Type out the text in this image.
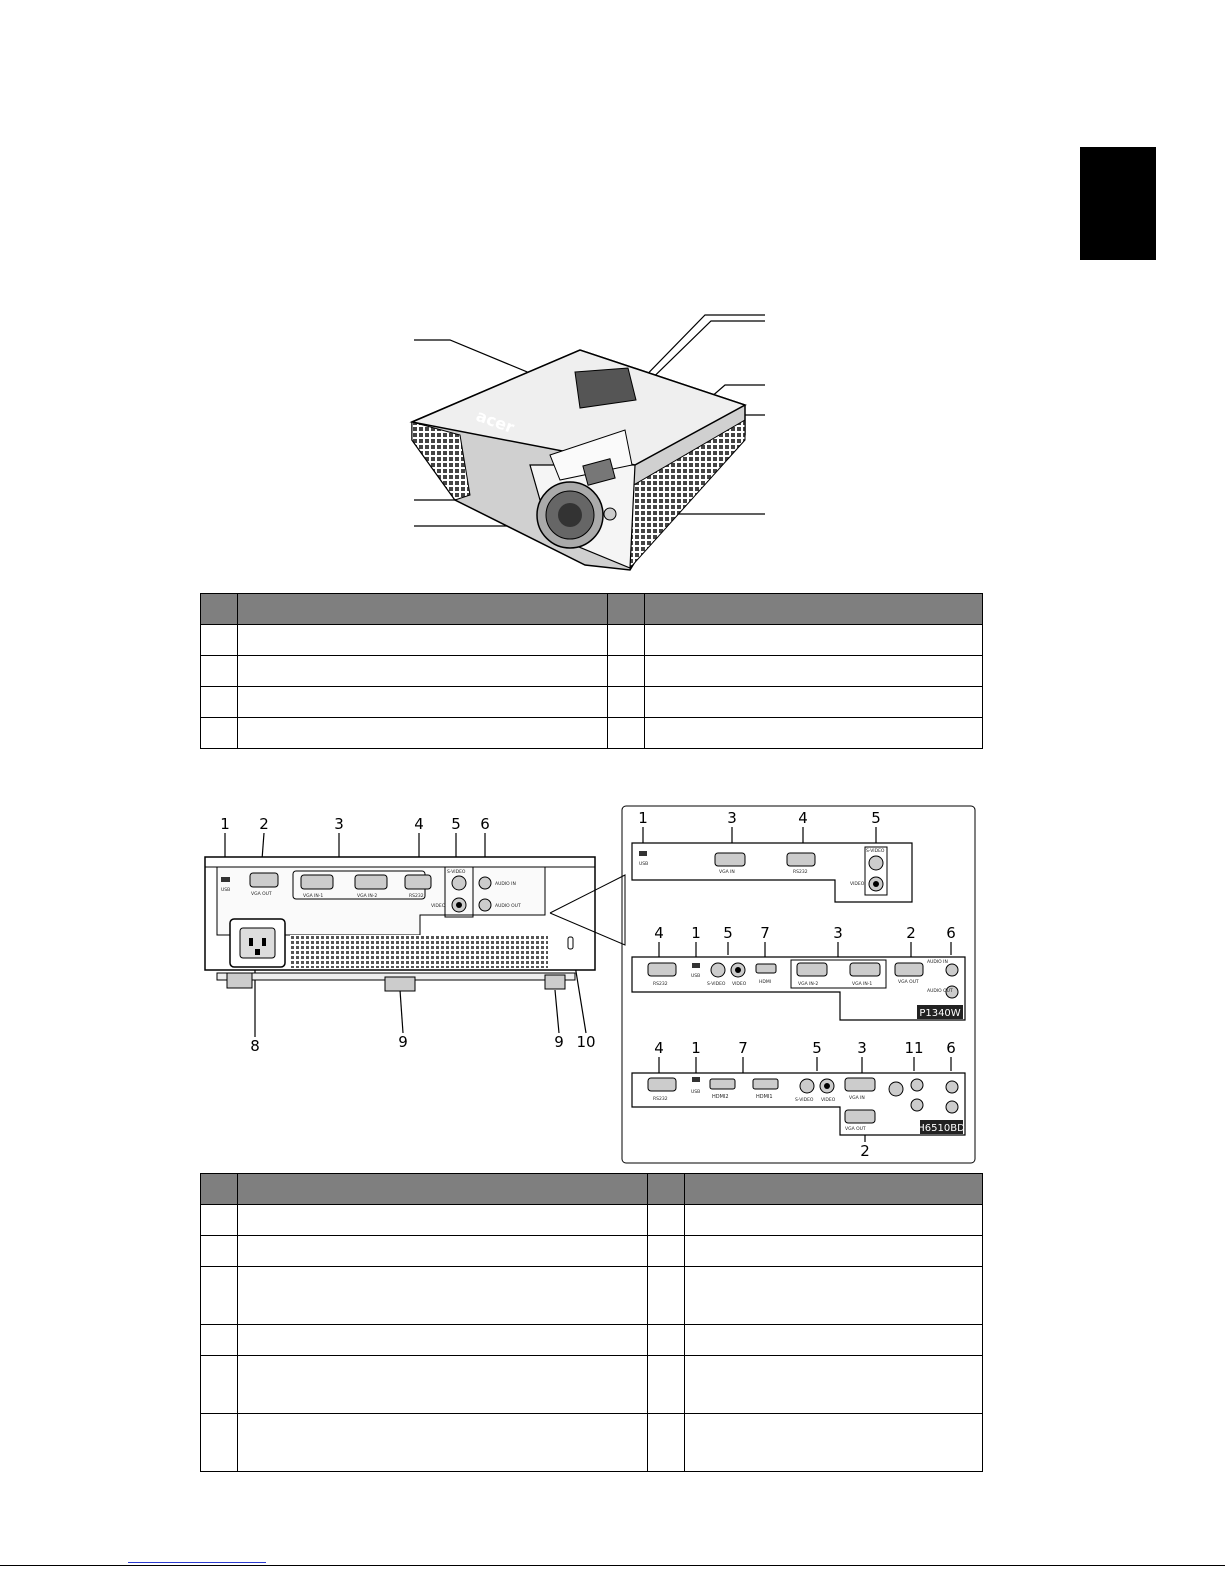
acer

1 2	3	4 5 6
8	9	9 10
USB
VGA OUT	VGA IN-1	VGA IN-2	RS232
S-VIDEO
VIDEO
AUDIO IN
AUDIO OUT
1	3	4	5
USB
VGA IN	RS232
S-VIDEO
VIDEO
4 1 5 7	3	2 6
RS232
USB
S-VIDEO VIDEO	HDMI	VGA IN-2	VGA IN-1	VGA OUT
AUDIO IN
AUDIO OUT
P1340W
4 1 7	5 3	11 6
2
RS232
USB
HDMI2	HDMI1
S-VIDEO VIDEO	VGA IN
VGA OUT	H6510BD
